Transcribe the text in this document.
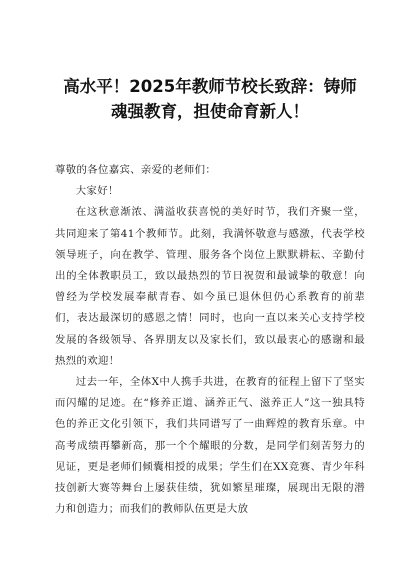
高水平！2025年教师节校长致辞：铸师魂强教育，担使命育新人！

尊敬的各位嘉宾、亲爱的老师们：

大家好！

在这秋意渐浓、满溢收获喜悦的美好时节，我们齐聚一堂，共同迎来了第41个教师节。此刻，我满怀敬意与感激，代表学校领导班子，向在教学、管理、服务各个岗位上默默耕耘、辛勤付出的全体教职员工，致以最热烈的节日祝贺和最诚挚的敬意！向曾经为学校发展奉献青春、如今虽已退休但仍心系教育的前辈们，表达最深切的感恩之情！同时，也向一直以来关心支持学校发展的各级领导、各界朋友以及家长们，致以最衷心的感谢和最热烈的欢迎！

过去一年，全体X中人携手共进，在教育的征程上留下了坚实而闪耀的足迹。在“修养正道、涵养正气、滋养正人”这一独具特色的养正文化引领下，我们共同谱写了一曲辉煌的教育乐章。中高考成绩再攀新高，那一个个耀眼的分数，是同学们刻苦努力的见证，更是老师们倾囊相授的成果；学生们在XX竞赛、青少年科技创新大赛等舞台上屡获佳绩，犹如繁星璀璨，展现出无限的潜力和创造力；而我们的教师队伍更是大放
